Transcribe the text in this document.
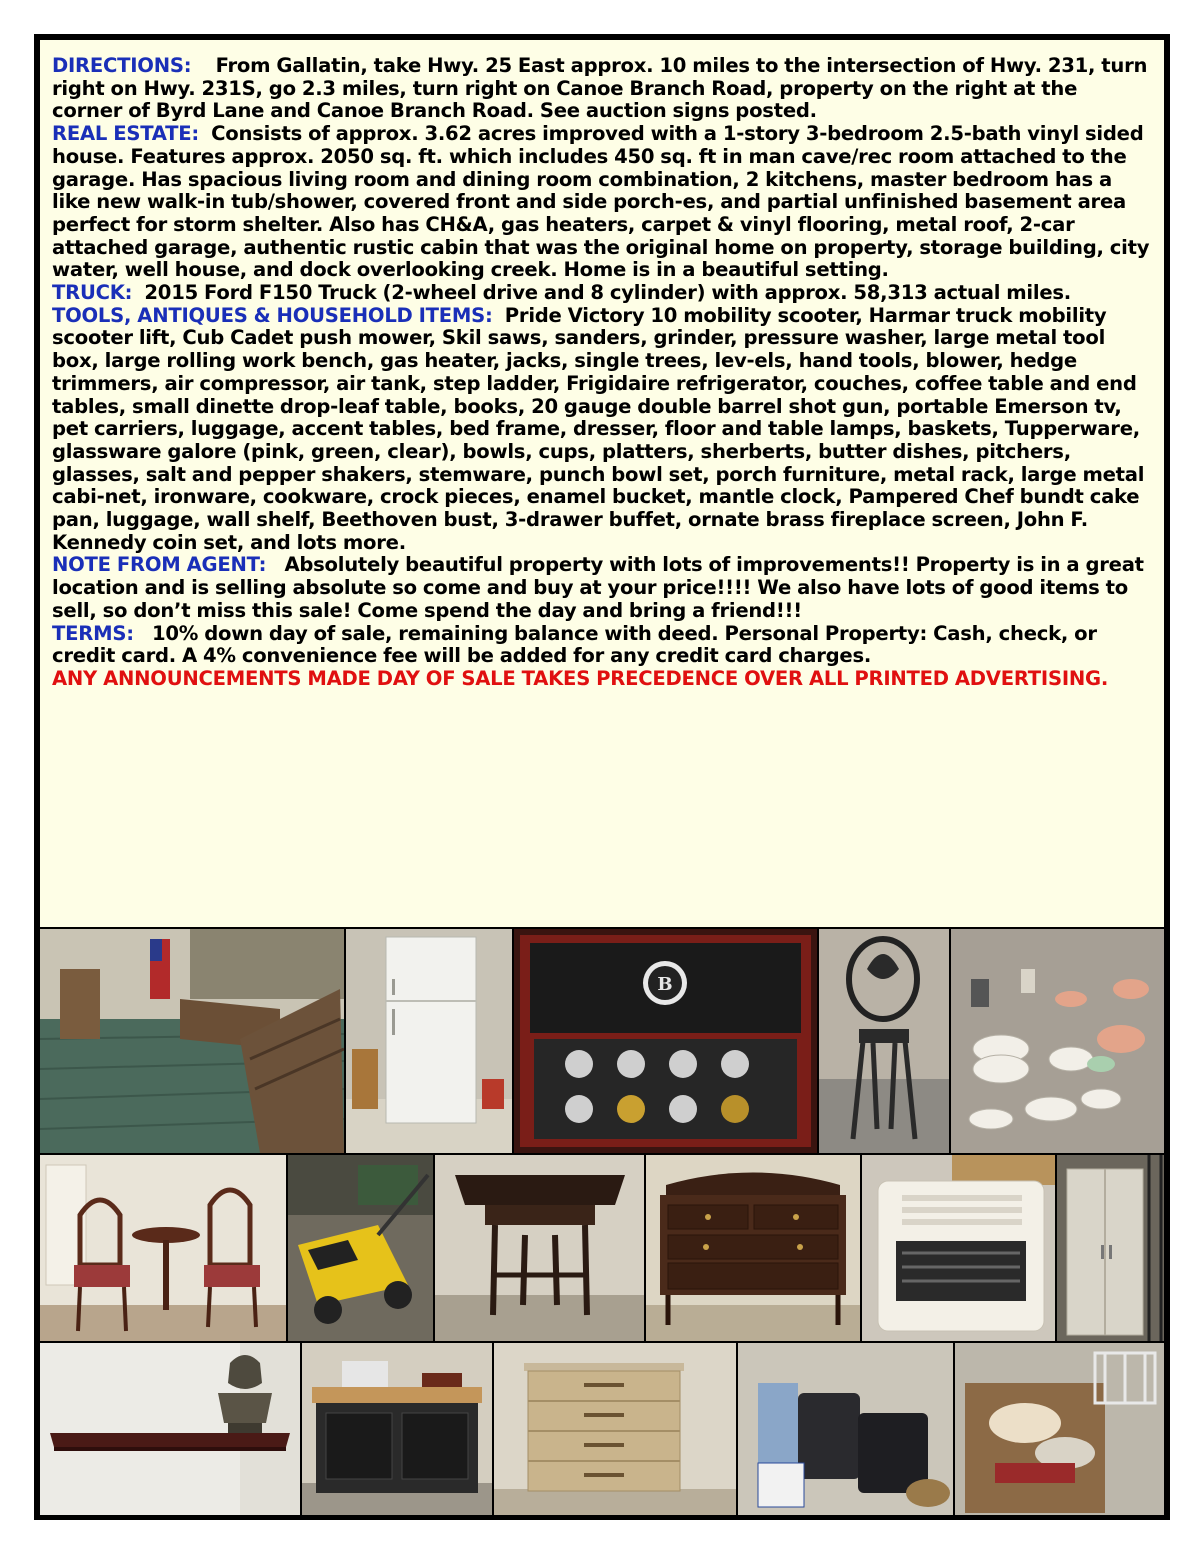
DIRECTIONS: From Gallatin, take Hwy. 25 East approx. 10 miles to the intersection of Hwy. 231, turn right on Hwy. 231S, go 2.3 miles, turn right on Canoe Branch Road, property on the right at the corner of Byrd Lane and Canoe Branch Road. See auction signs posted.

REAL ESTATE: Consists of approx. 3.62 acres improved with a 1-story 3-bedroom 2.5-bath vinyl sided house. Features approx. 2050 sq. ft. which includes 450 sq. ft in man cave/rec room attached to the garage. Has spacious living room and dining room combination, 2 kitchens, master bedroom has a like new walk-in tub/shower, covered front and side porch-es, and partial unfinished basement area perfect for storm shelter. Also has CH&A, gas heaters, carpet & vinyl flooring, metal roof, 2-car attached garage, authentic rustic cabin that was the original home on property, storage building, city water, well house, and dock overlooking creek. Home is in a beautiful setting.

TRUCK: 2015 Ford F150 Truck (2-wheel drive and 8 cylinder) with approx. 58,313 actual miles.

TOOLS, ANTIQUES & HOUSEHOLD ITEMS: Pride Victory 10 mobility scooter, Harmar truck mobility scooter lift, Cub Cadet push mower, Skil saws, sanders, grinder, pressure washer, large metal tool box, large rolling work bench, gas heater, jacks, single trees, lev-els, hand tools, blower, hedge trimmers, air compressor, air tank, step ladder, Frigidaire refrigerator, couches, coffee table and end tables, small dinette drop-leaf table, books, 20 gauge double barrel shot gun, portable Emerson tv, pet carriers, luggage, accent tables, bed frame, dresser, floor and table lamps, baskets, Tupperware, glassware galore (pink, green, clear), bowls, cups, platters, sherberts, butter dishes, pitchers, glasses, salt and pepper shakers, stemware, punch bowl set, porch furniture, metal rack, large metal cabi-net, ironware, cookware, crock pieces, enamel bucket, mantle clock, Pampered Chef bundt cake pan, luggage, wall shelf, Beethoven bust, 3-drawer buffet, ornate brass fireplace screen, John F. Kennedy coin set, and lots more.

NOTE FROM AGENT: Absolutely beautiful property with lots of improvements!! Property is in a great location and is selling absolute so come and buy at your price!!!! We also have lots of good items to sell, so don’t miss this sale! Come spend the day and bring a friend!!!

TERMS: 10% down day of sale, remaining balance with deed. Personal Property: Cash, check, or credit card. A 4% convenience fee will be added for any credit card charges.

ANY ANNOUNCEMENTS MADE DAY OF SALE TAKES PRECEDENCE OVER ALL PRINTED ADVERTISING.

B
